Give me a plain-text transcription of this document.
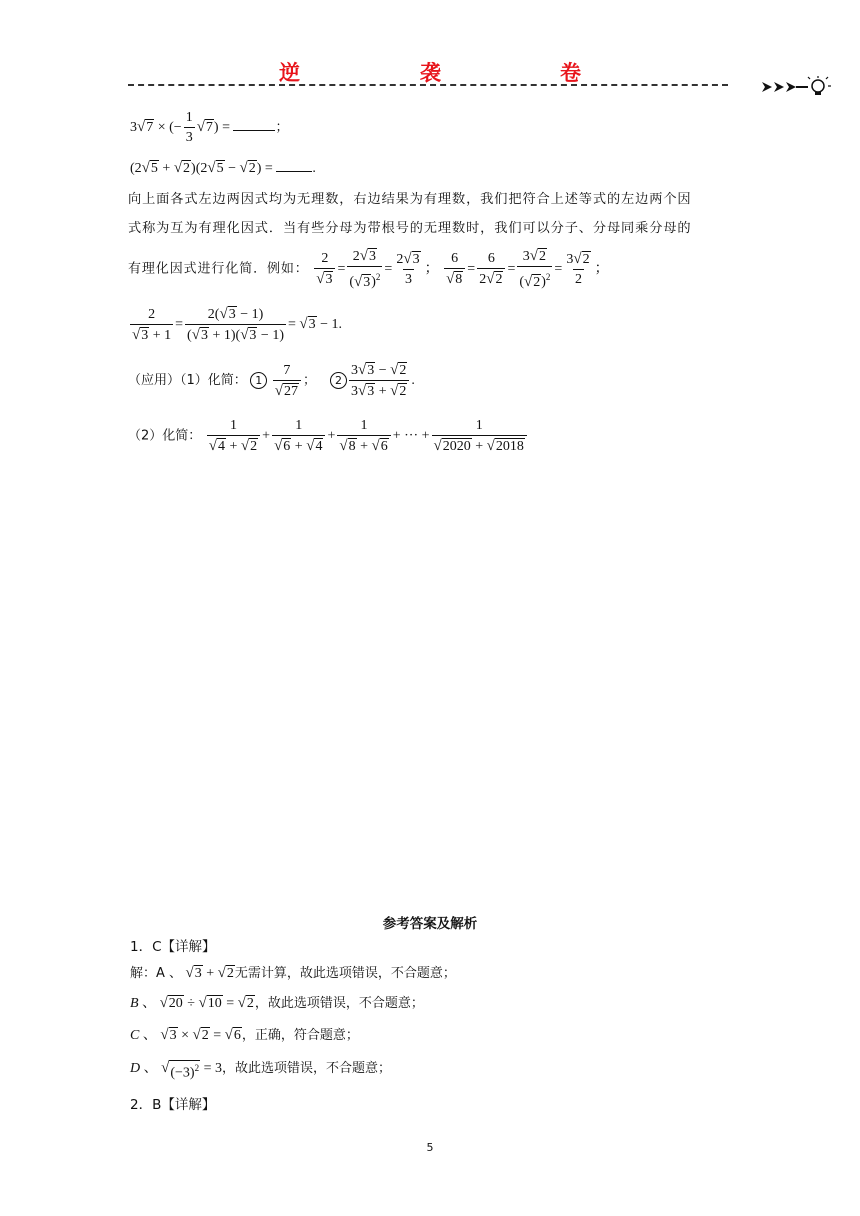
逆	袭	卷
3 √ 7 × (− $\frac{1}{3}$ √ 7 ) =	；
(2 √ 5 + √ 2 )(2 √ 5 − √ 2 ) =	.
向上面各式左边两因式均为无理数，右边结果为有理数，我们把符合上述等式的左边两个因
式称为互为有理化因式．当有些分母为带根号的无理数时，我们可以分子、分母同乘分母的
有理化因式进行化简．例如： $\frac{2}{√ 3} = \frac{2 √ 3}{( √ 3 )^2} = \frac{2 √ 3}{3}$ ； $\frac{6}{√ 8} = \frac{6}{2 √ 2} = \frac{3 √ 2}{( √ 2 )^2} = \frac{3 √ 2}{2}$ ；
$\frac{2}{√ 3 + 1} = \frac{2( √ 3 - 1)}{( √ 3 + 1)( √ 3 - 1)}$ = √ 3 − 1.
（应用）（1）化简： $1 \frac{7}{√ 27}$ ； $2 \frac{3 √ 3 - √ 2}{3 √ 3 + √ 2}$ .
（2）化简： $\frac{1}{√ 4 + √ 2} + \frac{1}{√ 6 + √ 4} + \frac{1}{√ 8 + √ 6}$ + ··· + $\frac{1}{√ 2020 + √ 2018}$
参考答案及解析
1．C【详解】
解：A 、 √ 3 + √ 2 无需计算，故此选项错误，不合题意；
B 、 √ 20 ÷ √ 10 = √ 2 ，故此选项错误，不合题意；
C 、 √ 3 × √ 2 = √ 6 ，正确，符合题意；
D 、 √ $(-3)^2 = 3$，故此选项错误，不合题意；
2．B【详解】
5
